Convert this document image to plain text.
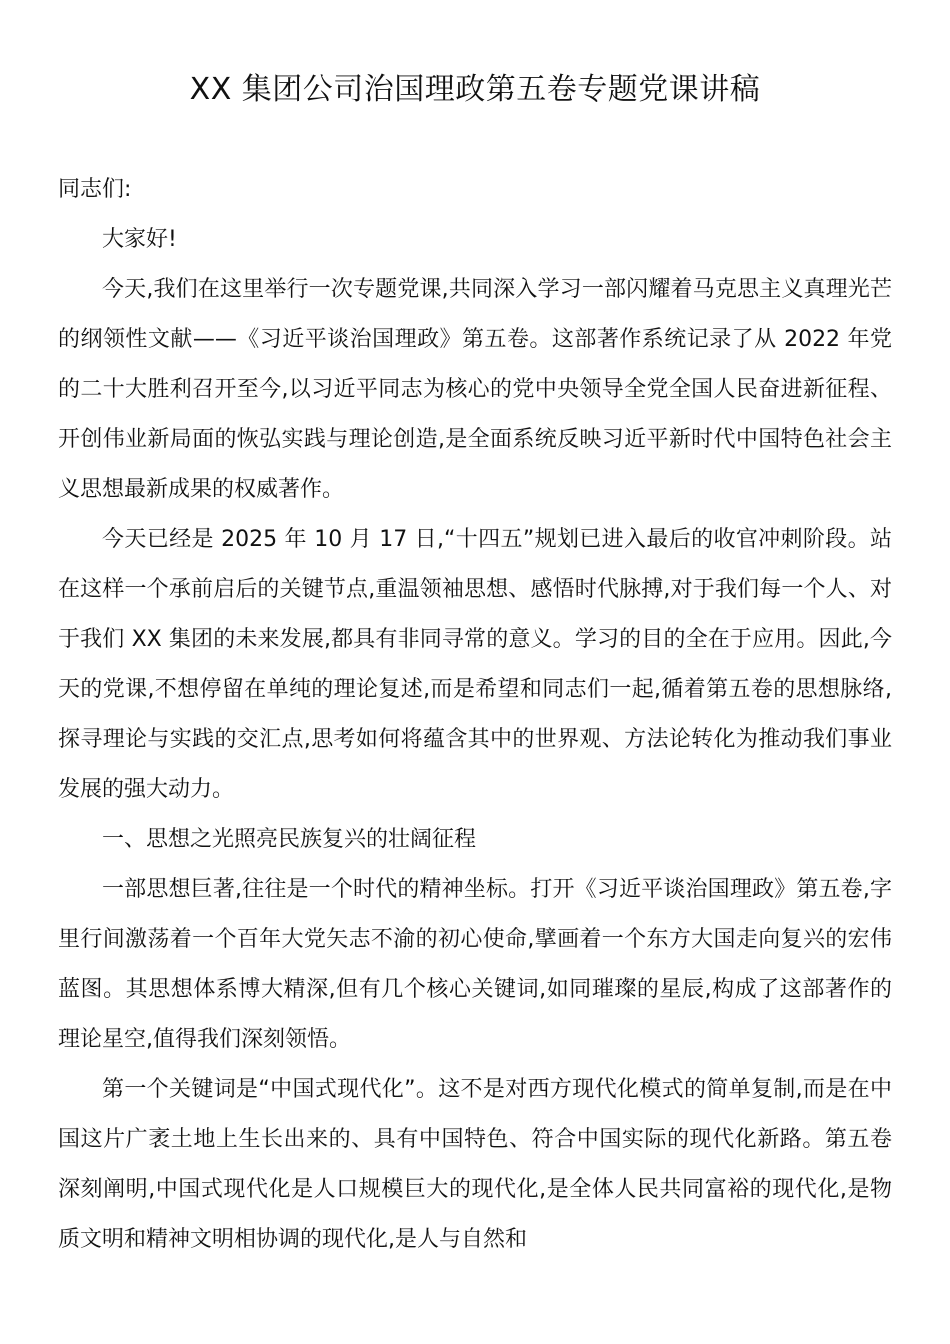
XX 集团公司治国理政第五卷专题党课讲稿

同志们:

大家好!

今天,我们在这里举行一次专题党课,共同深入学习一部闪耀着马克思主义真理光芒的纲领性文献——《习近平谈治国理政》第五卷。这部著作系统记录了从 2022 年党的二十大胜利召开至今,以习近平同志为核心的党中央领导全党全国人民奋进新征程、开创伟业新局面的恢弘实践与理论创造,是全面系统反映习近平新时代中国特色社会主义思想最新成果的权威著作。

今天已经是 2025 年 10 月 17 日,“十四五”规划已进入最后的收官冲刺阶段。站在这样一个承前启后的关键节点,重温领袖思想、感悟时代脉搏,对于我们每一个人、对于我们 XX 集团的未来发展,都具有非同寻常的意义。学习的目的全在于应用。因此,今天的党课,不想停留在单纯的理论复述,而是希望和同志们一起,循着第五卷的思想脉络,探寻理论与实践的交汇点,思考如何将蕴含其中的世界观、方法论转化为推动我们事业发展的强大动力。

一、思想之光照亮民族复兴的壮阔征程

一部思想巨著,往往是一个时代的精神坐标。打开《习近平谈治国理政》第五卷,字里行间激荡着一个百年大党矢志不渝的初心使命,擘画着一个东方大国走向复兴的宏伟蓝图。其思想体系博大精深,但有几个核心关键词,如同璀璨的星辰,构成了这部著作的理论星空,值得我们深刻领悟。

第一个关键词是“中国式现代化”。这不是对西方现代化模式的简单复制,而是在中国这片广袤土地上生长出来的、具有中国特色、符合中国实际的现代化新路。第五卷深刻阐明,中国式现代化是人口规模巨大的现代化,是全体人民共同富裕的现代化,是物质文明和精神文明相协调的现代化,是人与自然和
